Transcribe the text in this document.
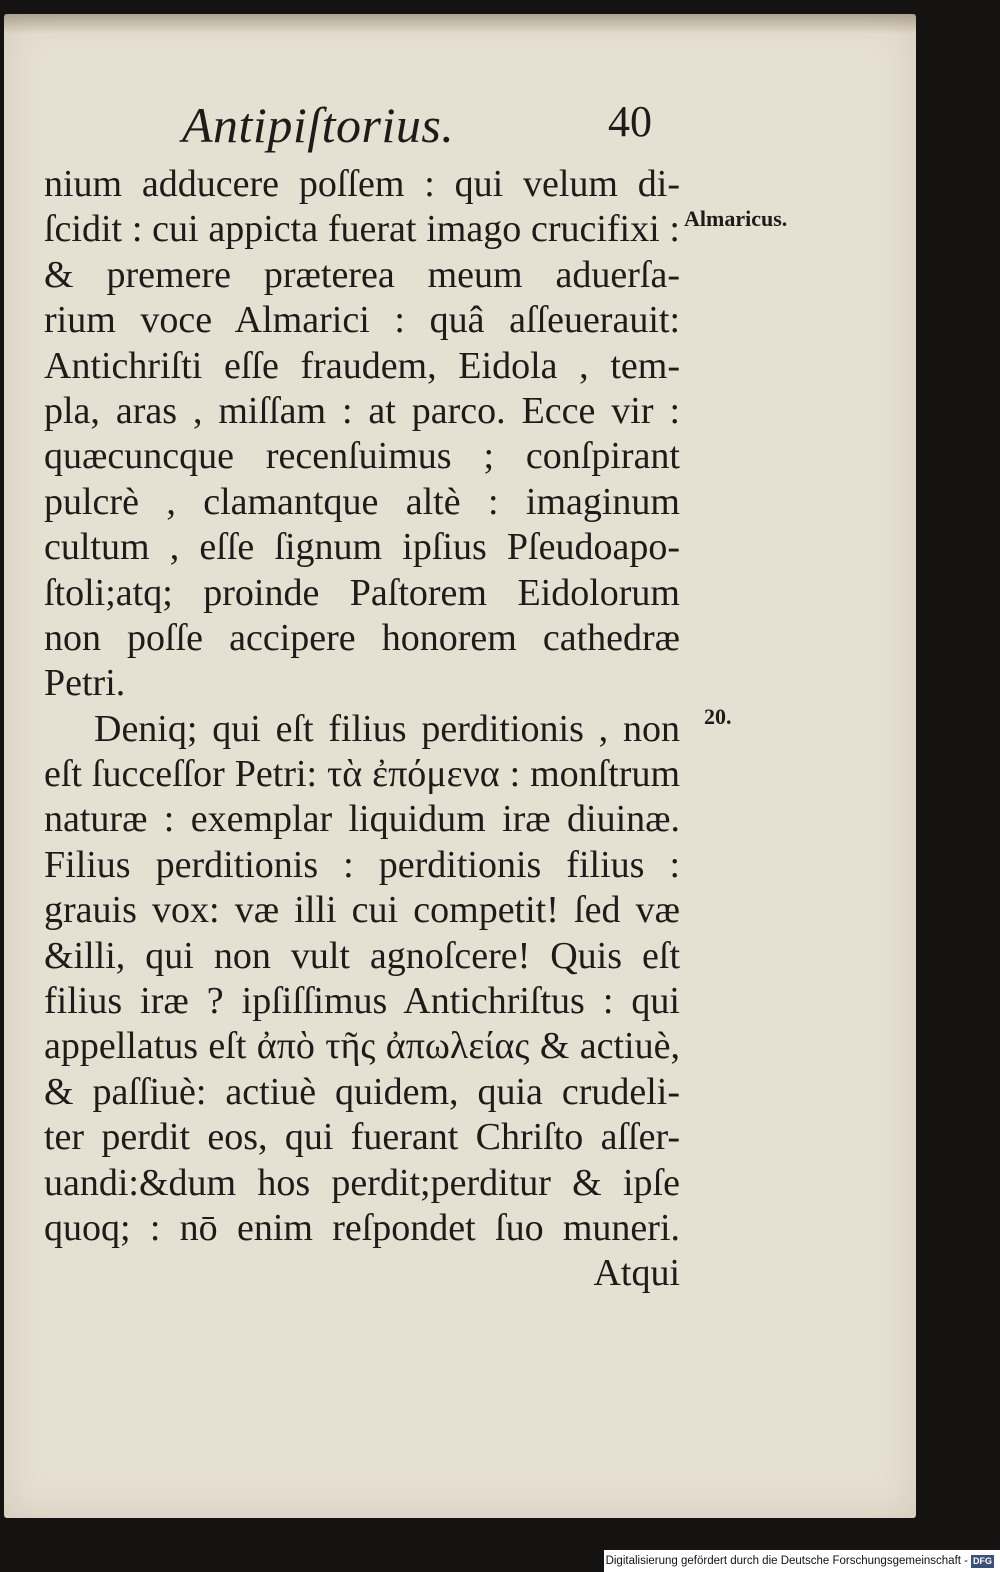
Antipiſtorius.	40
Almaricus.
20.
nium adducere poſſem : qui velum di-
ſcidit : cui appicta fuerat imago crucifixi :
& premere præterea meum aduerſa-
rium voce Almarici : quâ aſſeuerauit:
Antichriſti eſſe fraudem, Eidola , tem-
pla, aras , miſſam : at parco. Ecce vir :
quæcuncque recenſuimus ; conſpirant
pulcrè , clamantque altè : imaginum
cultum , eſſe ſignum ipſius Pſeudoapo-
ſtoli;atq; proinde Paſtorem Eidolorum
non poſſe accipere honorem cathedræ
Petri.
Deniq; qui eſt filius perditionis , non
eſt ſucceſſor Petri: τὰ ἐπόμενα : monſtrum
naturæ : exemplar liquidum iræ diuinæ.
Filius perditionis : perditionis filius :
grauis vox: væ illi cui competit! ſed væ
&illi, qui non vult agnoſcere! Quis eſt
filius iræ ? ipſiſſimus Antichriſtus : qui
appellatus eſt ἀπὸ τῆς ἀπωλείας & actiuè,
& paſſiuè: actiuè quidem, quia crudeli-
ter perdit eos, qui fuerant Chriſto aſſer-
uandi:&dum hos perdit;perditur & ipſe
quoq; : nō enim reſpondet ſuo muneri.
Atqui
Digitalisierung gefördert durch die Deutsche Forschungsgemeinschaft - DFG
